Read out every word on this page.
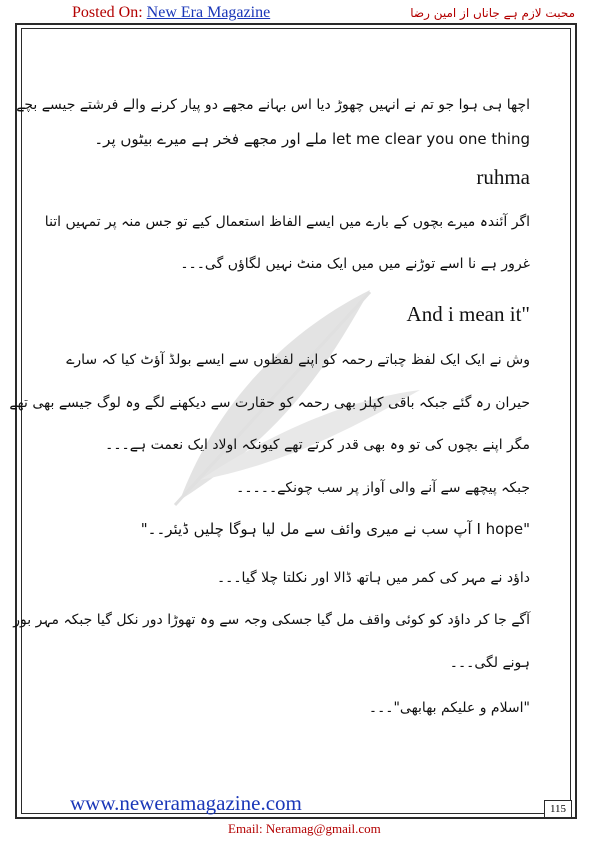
Posted On: New Era Magazine	محبت لازم ہے جاناں از امین رضا
اچھا ہی ہوا جو تم نے انہیں چھوڑ دیا اس بہانے مجھے دو پیار کرنے والے فرشتے جیسے بچے
let me clear you one thing ملے اور مجھے فخر ہے میرے بیٹوں پر۔
ruhma
اگر آئندہ میرے بچوں کے بارے میں ایسے الفاظ استعمال کیے تو جس منہ پر تمہیں اتنا
غرور ہے نا اسے توڑنے میں میں ایک منٹ نہیں لگاؤں گی۔۔۔
And i mean it"
وش نے ایک ایک لفظ چباتے رحمہ کو اپنے لفظوں سے ایسے بولڈ آؤٹ کیا کہ سارے
حیران رہ گئے جبکہ باقی کپلز بھی رحمہ کو حقارت سے دیکھنے لگے وہ لوگ جیسے بھی تھے
مگر اپنے بچوں کی تو وہ بھی قدر کرتے تھے کیونکہ اولاد ایک نعمت ہے۔۔۔
جبکہ پیچھے سے آنے والی آواز پر سب چونکے۔۔۔۔۔
"I hope آپ سب نے میری وائف سے مل لیا ہوگا چلیں ڈیئر۔۔"
داؤد نے مہر کی کمر میں ہاتھ ڈالا اور نکلتا چلا گیا۔۔۔
آگے جا کر داؤد کو کوئی واقف مل گیا جسکی وجہ سے وہ تھوڑا دور نکل گیا جبکہ مہر بور
ہونے لگی۔۔۔
"اسلام و علیکم بھابھی"۔۔۔
www.neweramagazine.com	115
Email: Neramag@gmail.com
